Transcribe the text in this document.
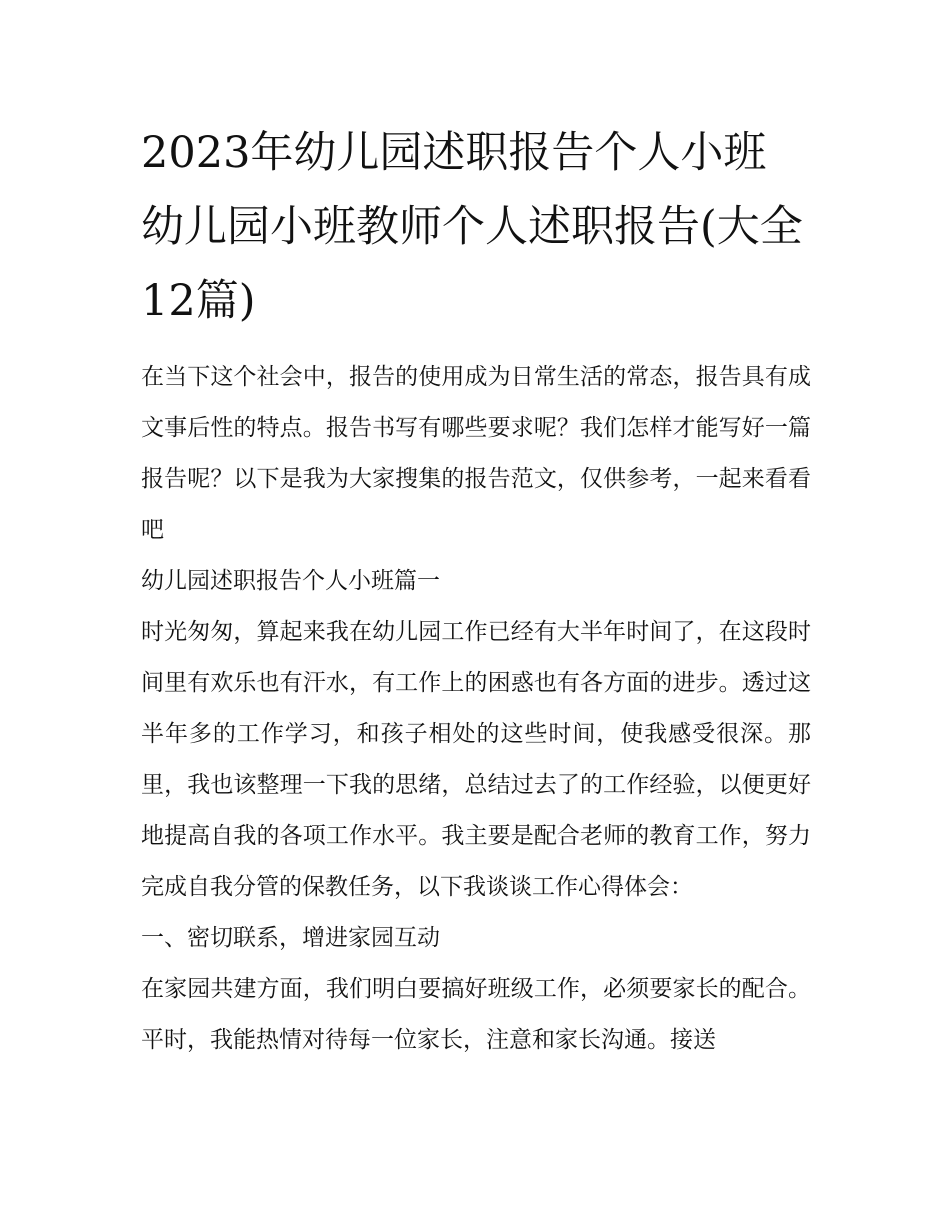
2023年幼儿园述职报告个人小班 幼儿园小班教师个人述职报告(大全12篇)

在当下这个社会中，报告的使用成为日常生活的常态，报告具有成文事后性的特点。报告书写有哪些要求呢？我们怎样才能写好一篇报告呢？以下是我为大家搜集的报告范文，仅供参考，一起来看看吧

幼儿园述职报告个人小班篇一

时光匆匆，算起来我在幼儿园工作已经有大半年时间了，在这段时间里有欢乐也有汗水，有工作上的困惑也有各方面的进步。透过这半年多的工作学习，和孩子相处的这些时间，使我感受很深。那里，我也该整理一下我的思绪，总结过去了的工作经验，以便更好地提高自我的各项工作水平。我主要是配合老师的教育工作，努力完成自我分管的保教任务，以下我谈谈工作心得体会：

一、密切联系，增进家园互动

在家园共建方面，我们明白要搞好班级工作，必须要家长的配合。平时，我能热情对待每一位家长，注意和家长沟通。接送
